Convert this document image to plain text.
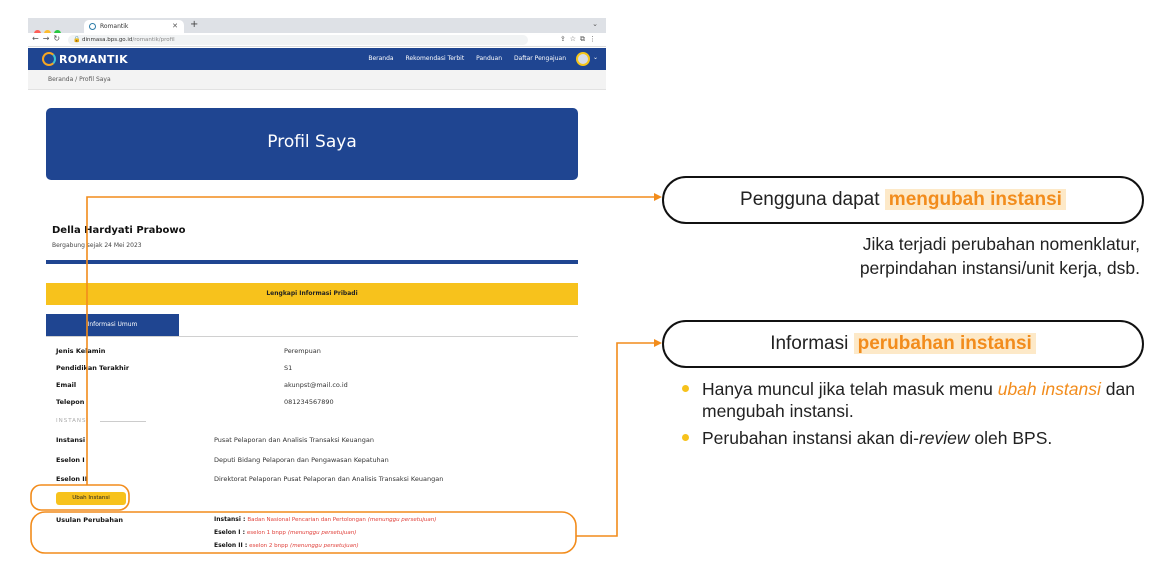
Romantik	✕ +	⌄
←→↻ 🔒 dinmasa.bps.go.id/romantik/profil	⇪☆⧉⋮
ROMANTIK	Beranda Rekomendasi Terbit Panduan Daftar Pengajuan	⌄
Beranda / Profil Saya
Profil Saya
Della Hardyati Prabowo
Bergabung sejak 24 Mei 2023
Lengkapi Informasi Pribadi
Informasi Umum
Jenis Kelamin	Perempuan
Pendidikan Terakhir	S1
Email	akunpst@mail.co.id
Telepon	081234567890
INSTANSI
Instansi	Pusat Pelaporan dan Analisis Transaksi Keuangan
Eselon I	Deputi Bidang Pelaporan dan Pengawasan Kepatuhan
Eselon II	Direktorat Pelaporan Pusat Pelaporan dan Analisis Transaksi Keuangan
Ubah Instansi
Usulan Perubahan	Instansi : Badan Nasional Pencarian dan Pertolongan (menunggu persetujuan)
Eselon I : eselon 1 bnpp (menunggu persetujuan)
Eselon II : eselon 2 bnpp (menunggu persetujuan)
Pengguna dapat mengubah instansi
Jika terjadi perubahan nomenklatur,
perpindahan instansi/unit kerja, dsb.
Informasi perubahan instansi
Hanya muncul jika telah masuk menu ubah instansi dan mengubah instansi.
Perubahan instansi akan di-review oleh BPS.
